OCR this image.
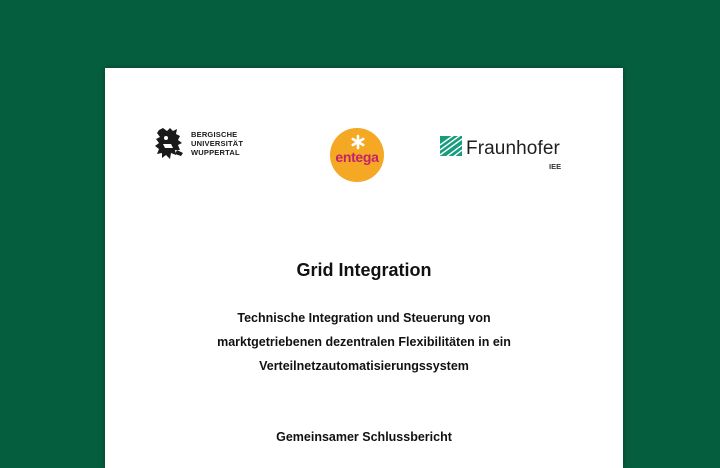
BERGISCHE
UNIVERSITÄT
WUPPERTAL	entega	Fraunhofer
IEE
Grid Integration
Technische Integration und Steuerung von
marktgetriebenen dezentralen Flexibilitäten in ein
Verteilnetzautomatisierungssystem
Gemeinsamer Schlussbericht
